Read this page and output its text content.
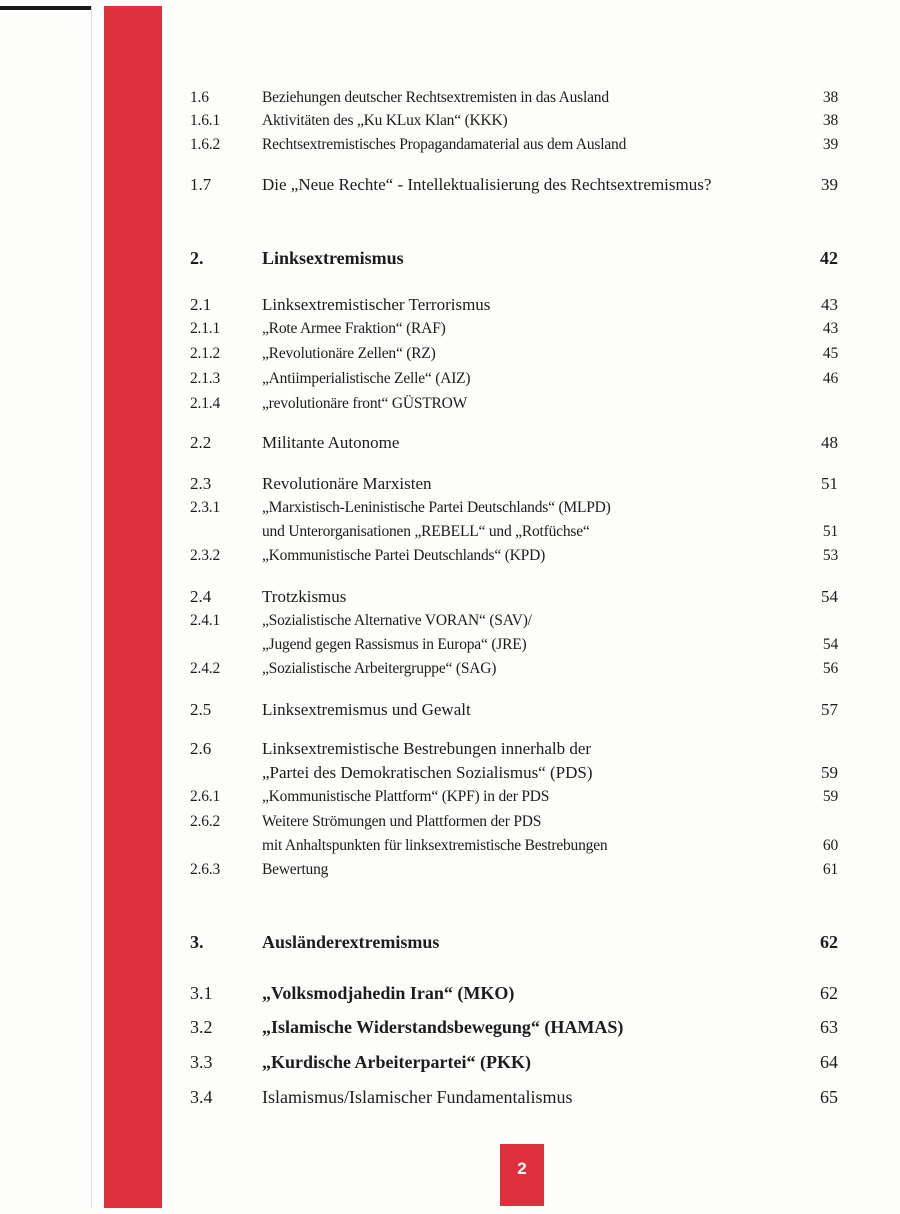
1.6	Beziehungen deutscher Rechtsextremisten in das Ausland	38
1.6.1	Aktivitäten des „Ku KLux Klan“ (KKK)	38
1.6.2	Rechtsextremistisches Propagandamaterial aus dem Ausland	39
1.7	Die „Neue Rechte“ - Intellektualisierung des Rechtsextremismus?	39
2.	Linksextremismus	42
2.1	Linksextremistischer Terrorismus	43
2.1.1	„Rote Armee Fraktion“ (RAF)	43
2.1.2	„Revolutionäre Zellen“ (RZ)	45
2.1.3	„Antiimperialistische Zelle“ (AIZ)	46
2.1.4	„revolutionäre front“ GÜSTROW
2.2	Militante Autonome	48
2.3	Revolutionäre Marxisten	51
2.3.1	„Marxistisch-Leninistische Partei Deutschlands“ (MLPD)
und Unterorganisationen „REBELL“ und „Rotfüchse“	51
2.3.2	„Kommunistische Partei Deutschlands“ (KPD)	53
2.4	Trotzkismus	54
2.4.1	„Sozialistische Alternative VORAN“ (SAV)/
„Jugend gegen Rassismus in Europa“ (JRE)	54
2.4.2	„Sozialistische Arbeitergruppe“ (SAG)	56
2.5	Linksextremismus und Gewalt	57
2.6	Linksextremistische Bestrebungen innerhalb der
„Partei des Demokratischen Sozialismus“ (PDS)	59
2.6.1	„Kommunistische Plattform“ (KPF) in der PDS	59
2.6.2	Weitere Strömungen und Plattformen der PDS
mit Anhaltspunkten für linksextremistische Bestrebungen	60
2.6.3	Bewertung	61
3.	Ausländerextremismus	62
3.1	„Volksmodjahedin Iran“ (MKO)	62
3.2	„Islamische Widerstandsbewegung“ (HAMAS)	63
3.3	„Kurdische Arbeiterpartei“ (PKK)	64
3.4	Islamismus/Islamischer Fundamentalismus	65
2
